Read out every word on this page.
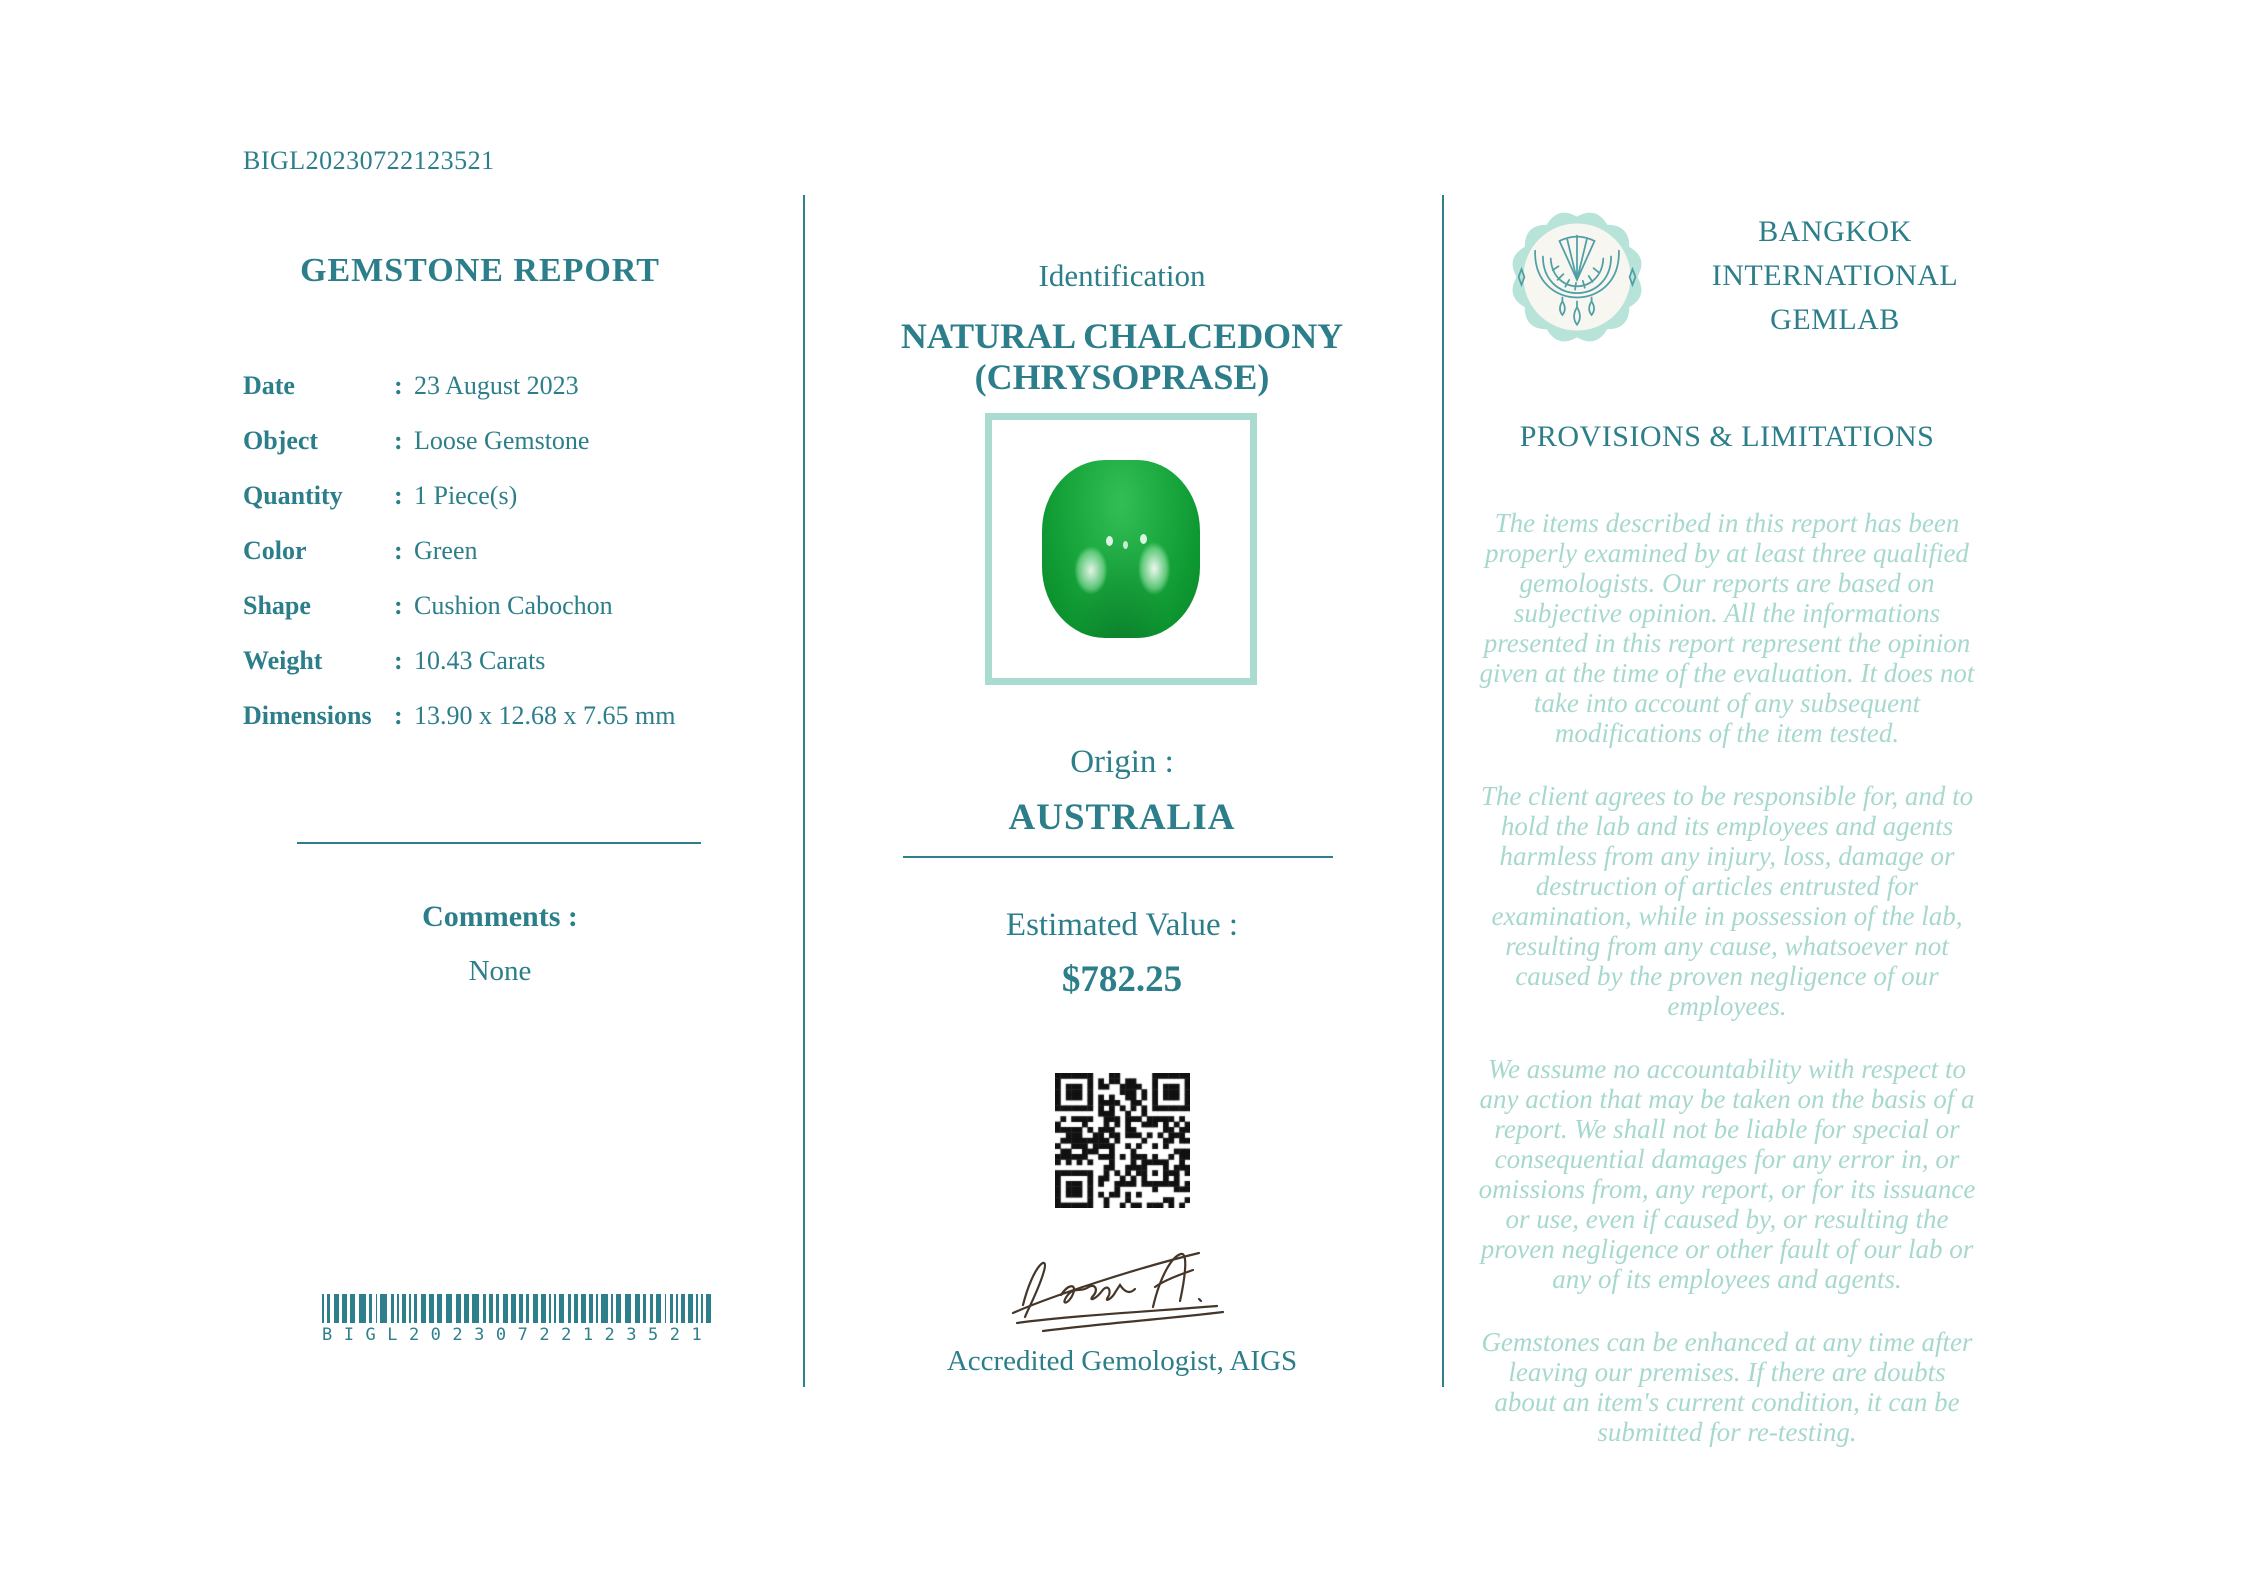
BIGL20230722123521
GEMSTONE REPORT
Date	: 23 August 2023
Object	: Loose Gemstone
Quantity	: 1 Piece(s)
Color	: Green
Shape	: Cushion Cabochon
Weight	: 10.43 Carats
Dimensions : 13.90 x 12.68 x 7.65 mm
Comments :
None
BIGL20230722123521
Identification
NATURAL CHALCEDONY
(CHRYSOPRASE)
Origin :
AUSTRALIA
Estimated Value :
$782.25
Accredited Gemologist, AIGS
BANGKOK
INTERNATIONAL
GEMLAB
PROVISIONS & LIMITATIONS

The items described in this report has been properly examined by at least three qualified gemologists. Our reports are based on subjective opinion. All the informations presented in this report represent the opinion given at the time of the evaluation. It does not take into account of any subsequent modifications of the item tested.

The client agrees to be responsible for, and to hold the lab and its employees and agents harmless from any injury, loss, damage or destruction of articles entrusted for examination, while in possession of the lab, resulting from any cause, whatsoever not caused by the proven negligence of our employees.

We assume no accountability with respect to any action that may be taken on the basis of a report. We shall not be liable for special or consequential damages for any error in, or omissions from, any report, or for its issuance or use, even if caused by, or resulting the proven negligence or other fault of our lab or any of its employees and agents.

Gemstones can be enhanced at any time after leaving our premises. If there are doubts about an item's current condition, it can be submitted for re-testing.
